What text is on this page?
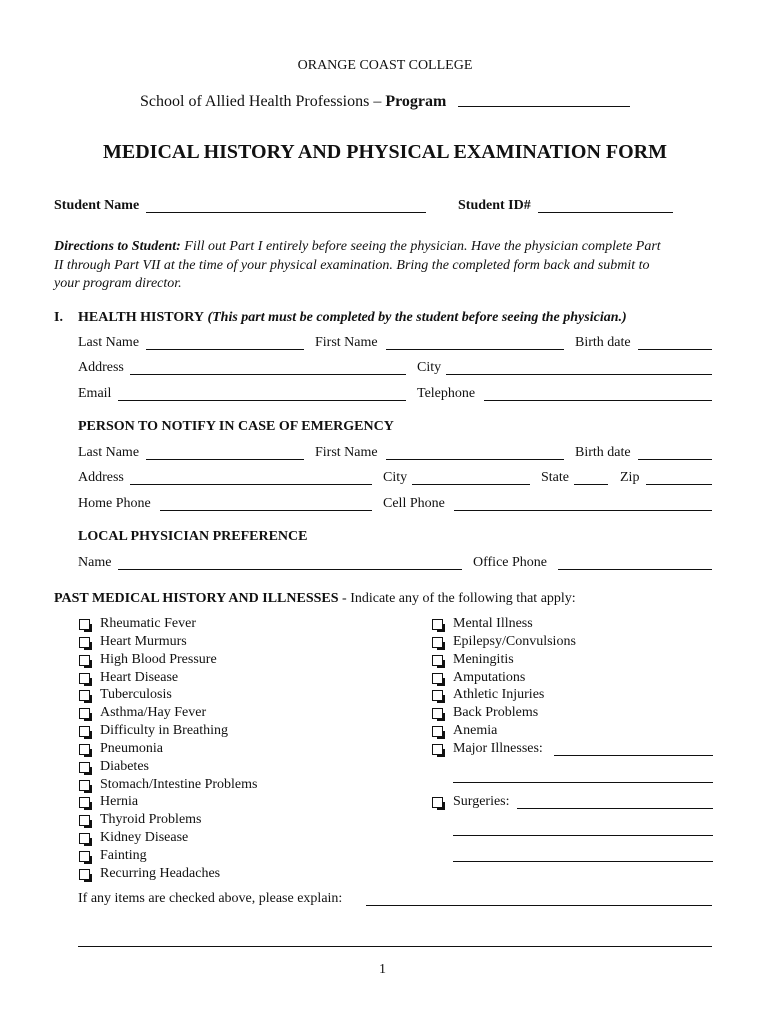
ORANGE COAST COLLEGE
School of Allied Health Professions – Program
MEDICAL HISTORY AND PHYSICAL EXAMINATION FORM
Student Name	Student ID#
Directions to Student: Fill out Part I entirely before seeing the physician. Have the physician complete Part
II through Part VII at the time of your physical examination. Bring the completed form back and submit to
your program director.
I. HEALTH HISTORY (This part must be completed by the student before seeing the physician.)
Last Name	First Name	Birth date
Address	City
Email	Telephone
PERSON TO NOTIFY IN CASE OF EMERGENCY
Last Name	First Name	Birth date
Address	City	State	Zip
Home Phone	Cell Phone
LOCAL PHYSICIAN PREFERENCE
Name	Office Phone
PAST MEDICAL HISTORY AND ILLNESSES - Indicate any of the following that apply:
Rheumatic Fever
Heart Murmurs
High Blood Pressure
Heart Disease
Tuberculosis
Asthma/Hay Fever
Difficulty in Breathing
Pneumonia
Diabetes
Stomach/Intestine Problems
Hernia
Thyroid Problems
Kidney Disease
Fainting
Recurring Headaches
Mental Illness
Epilepsy/Convulsions
Meningitis
Amputations
Athletic Injuries
Back Problems
Anemia
Major Illnesses:
Surgeries:
If any items are checked above, please explain:
1
